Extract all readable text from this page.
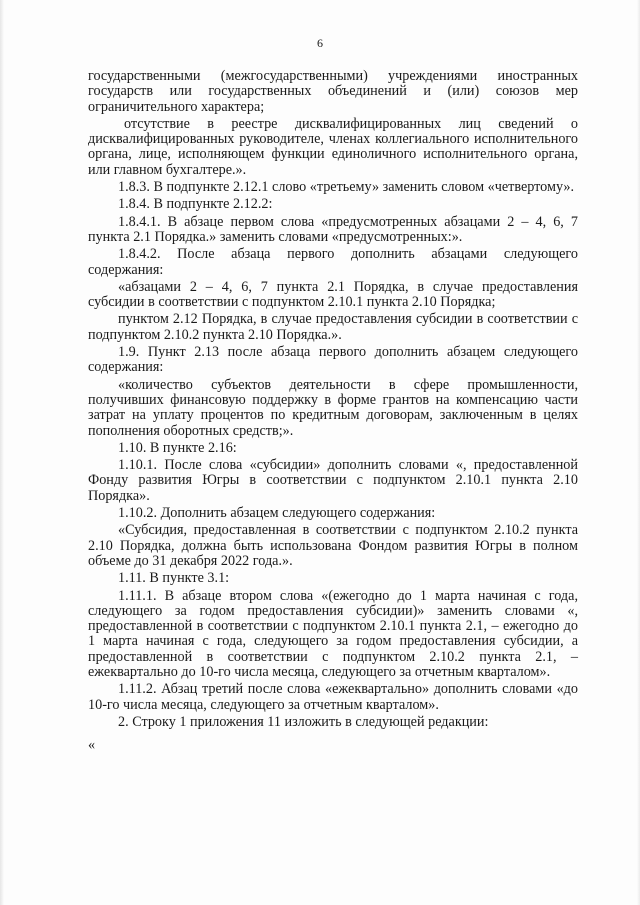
6

государственными (межгосударственными) учреждениями иностранных государств или государственных объединений и (или) союзов мер ограничительного характера;

отсутствие в реестре дисквалифицированных лиц сведений о дисквалифицированных руководителе, членах коллегиального исполнительного органа, лице, исполняющем функции единоличного исполнительного органа, или главном бухгалтере.».

1.8.3. В подпункте 2.12.1 слово «третьему» заменить словом «четвертому».

1.8.4. В подпункте 2.12.2:

1.8.4.1. В абзаце первом слова «предусмотренных абзацами 2 – 4, 6, 7 пункта 2.1 Порядка.» заменить словами «предусмотренных:».

1.8.4.2. После абзаца первого дополнить абзацами следующего содержания:

«абзацами 2 – 4, 6, 7 пункта 2.1 Порядка, в случае предоставления субсидии в соответствии с подпунктом 2.10.1 пункта 2.10 Порядка;

пунктом 2.12 Порядка, в случае предоставления субсидии в соответствии с подпунктом 2.10.2 пункта 2.10 Порядка.».

1.9. Пункт 2.13 после абзаца первого дополнить абзацем следующего содержания:

«количество субъектов деятельности в сфере промышленности, получивших финансовую поддержку в форме грантов на компенсацию части затрат на уплату процентов по кредитным договорам, заключенным в целях пополнения оборотных средств;».

1.10. В пункте 2.16:

1.10.1. После слова «субсидии» дополнить словами «, предоставленной Фонду развития Югры в соответствии с подпунктом 2.10.1 пункта 2.10 Порядка».

1.10.2. Дополнить абзацем следующего содержания:

«Субсидия, предоставленная в соответствии с подпунктом 2.10.2 пункта 2.10 Порядка, должна быть использована Фондом развития Югры в полном объеме до 31 декабря 2022 года.».

1.11. В пункте 3.1:

1.11.1. В абзаце втором слова «(ежегодно до 1 марта начиная с года, следующего за годом предоставления субсидии)» заменить словами «, предоставленной в соответствии с подпунктом 2.10.1 пункта 2.1, – ежегодно до 1 марта начиная с года, следующего за годом предоставления субсидии, а предоставленной в соответствии с подпунктом 2.10.2 пункта 2.1, – ежеквартально до 10-го числа месяца, следующего за отчетным кварталом».

1.11.2. Абзац третий после слова «ежеквартально» дополнить словами «до 10-го числа месяца, следующего за отчетным кварталом».

2. Строку 1 приложения 11 изложить в следующей редакции:

«
